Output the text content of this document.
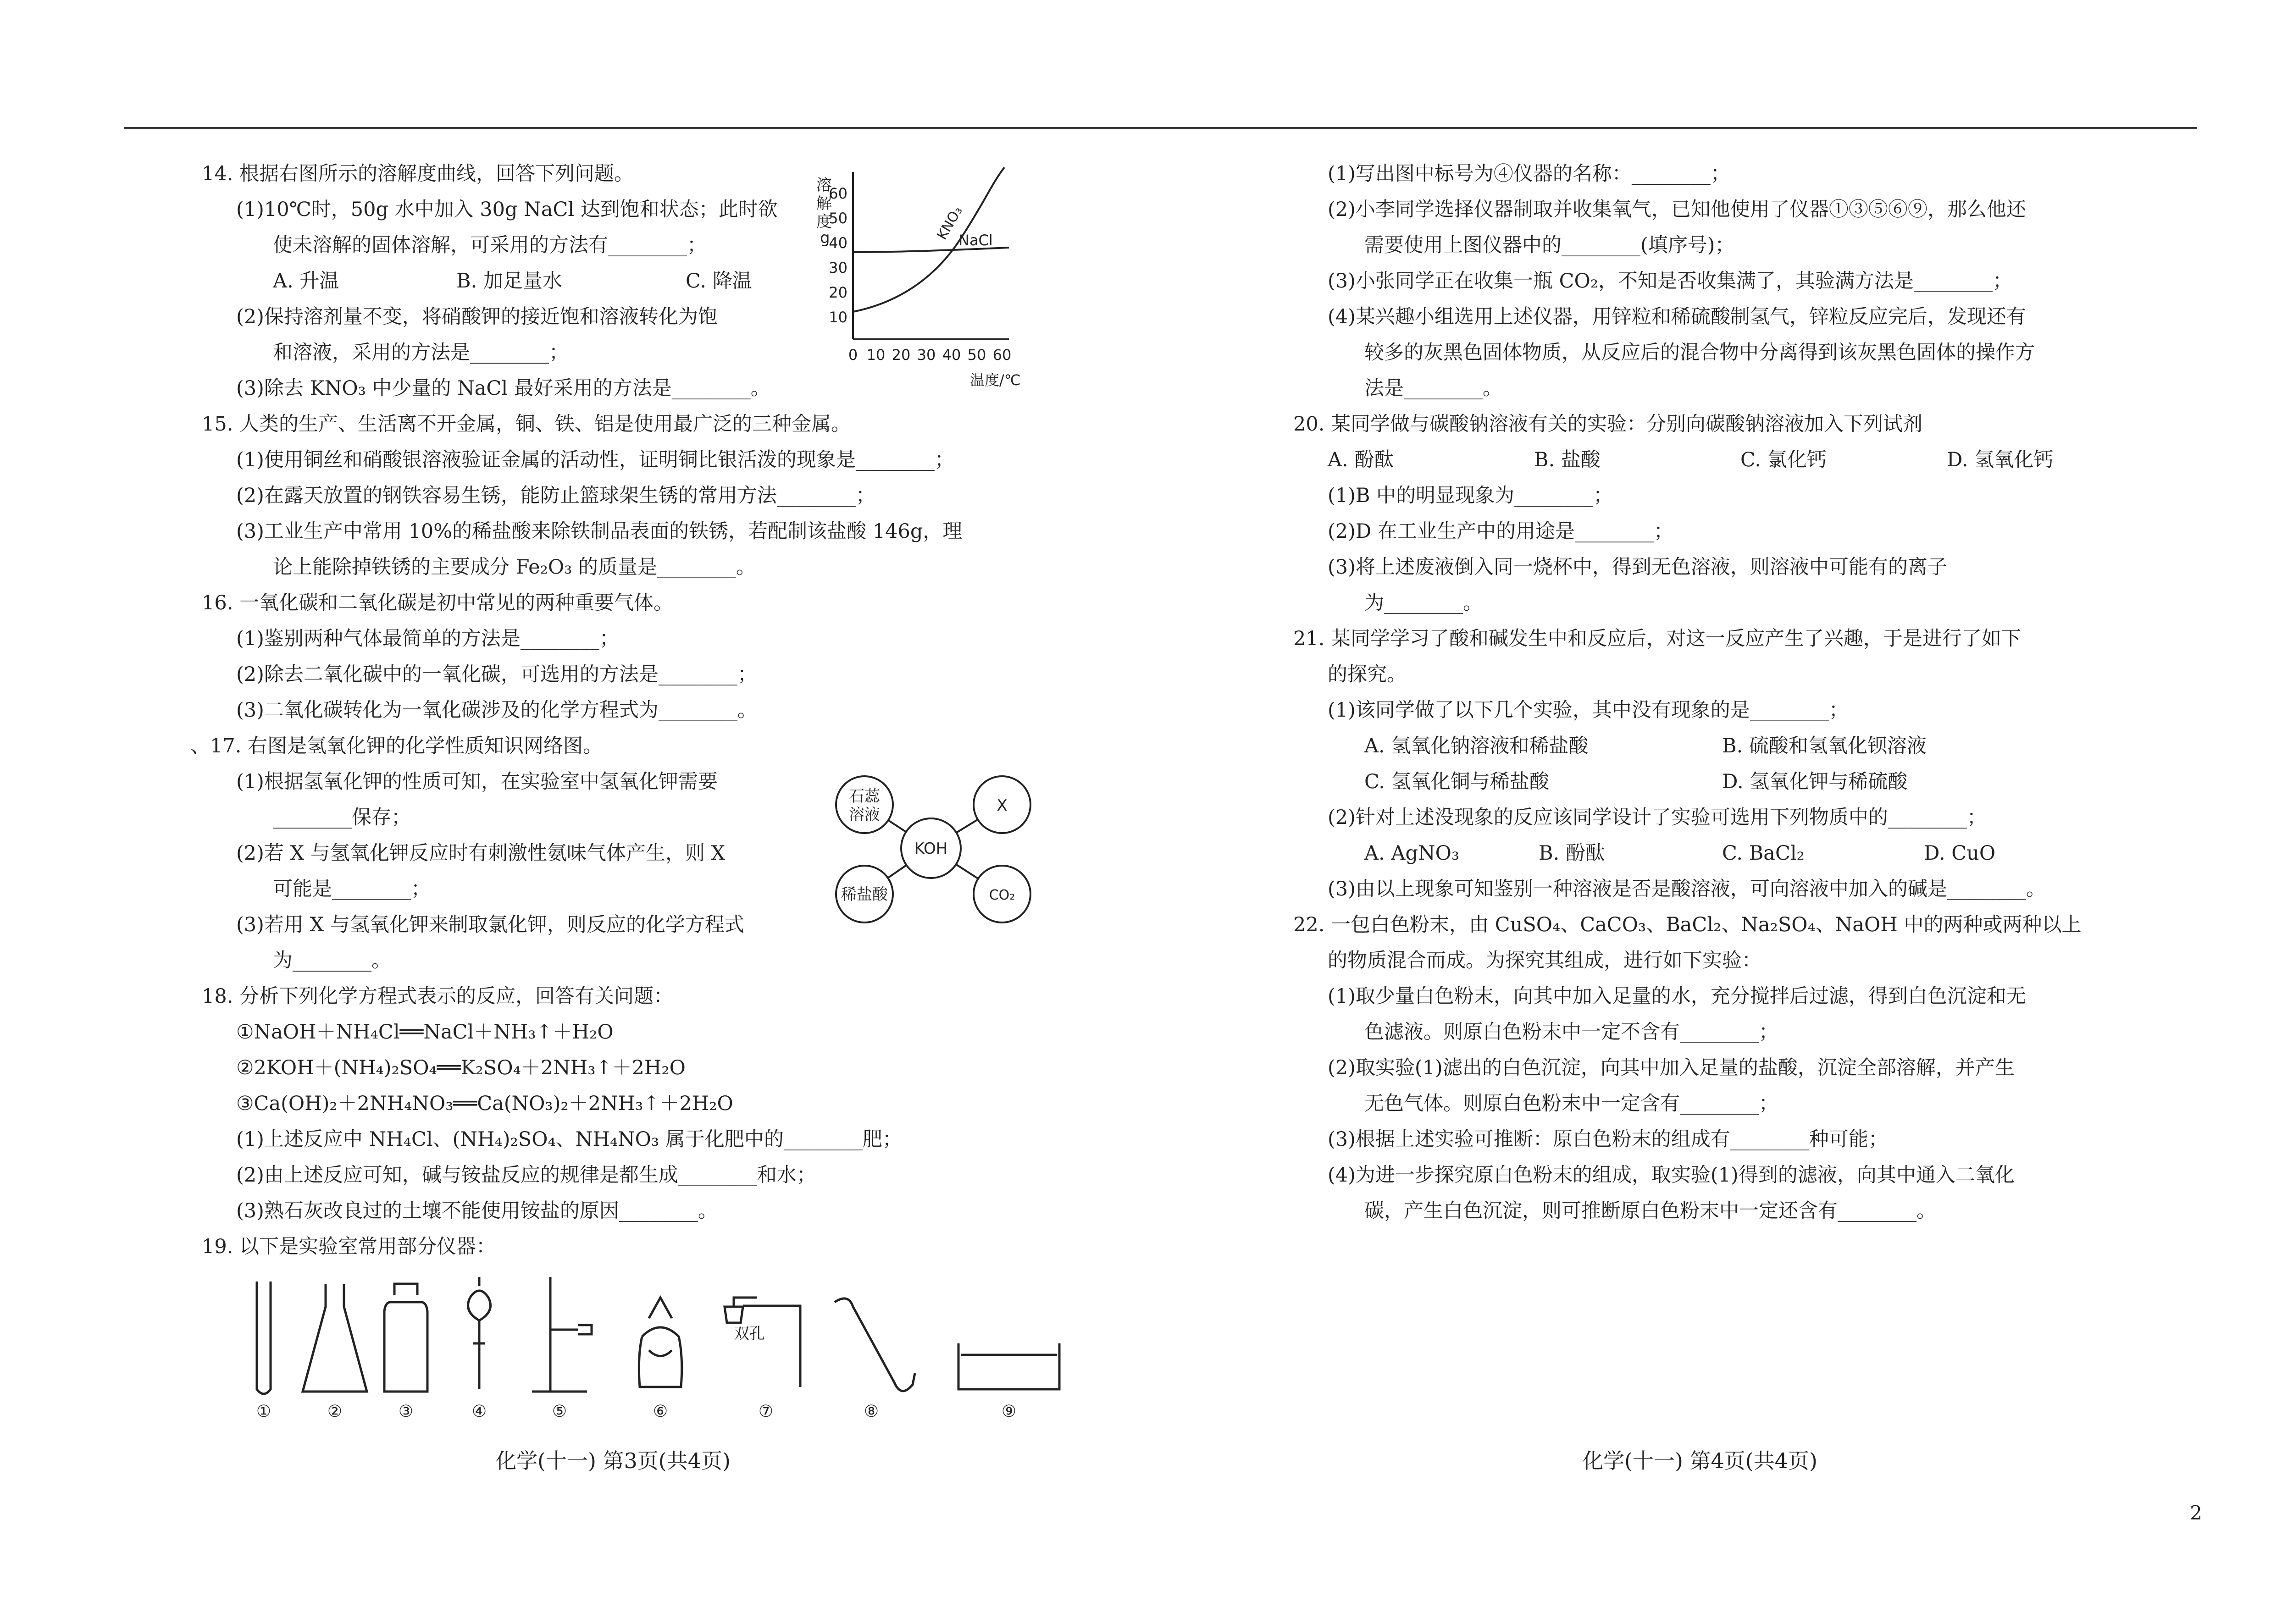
14. 根据右图所示的溶解度曲线，回答下列问题。
(1)10℃时，50g 水中加入 30g NaCl 达到饱和状态；此时欲
使未溶解的固体溶解，可采用的方法有________；
A. 升温	B. 加足量水	C. 降温
(2)保持溶剂量不变，将硝酸钾的接近饱和溶液转化为饱
和溶液，采用的方法是________；
(3)除去 KNO₃ 中少量的 NaCl 最好采用的方法是________。
15. 人类的生产、生活离不开金属，铜、铁、铝是使用最广泛的三种金属。
(1)使用铜丝和硝酸银溶液验证金属的活动性，证明铜比银活泼的现象是________；
(2)在露天放置的钢铁容易生锈，能防止篮球架生锈的常用方法________；
(3)工业生产中常用 10%的稀盐酸来除铁制品表面的铁锈，若配制该盐酸 146g，理
论上能除掉铁锈的主要成分 Fe₂O₃ 的质量是________。
16. 一氧化碳和二氧化碳是初中常见的两种重要气体。
(1)鉴别两种气体最简单的方法是________；
(2)除去二氧化碳中的一氧化碳，可选用的方法是________；
(3)二氧化碳转化为一氧化碳涉及的化学方程式为________。
、17. 右图是氢氧化钾的化学性质知识网络图。
(1)根据氢氧化钾的性质可知，在实验室中氢氧化钾需要
________保存；
(2)若 X 与氢氧化钾反应时有刺激性氨味气体产生，则 X
可能是________；
(3)若用 X 与氢氧化钾来制取氯化钾，则反应的化学方程式
为________。
18. 分析下列化学方程式表示的反应，回答有关问题：
①NaOH＋NH₄Cl══NaCl＋NH₃↑＋H₂O
②2KOH＋(NH₄)₂SO₄══K₂SO₄＋2NH₃↑＋2H₂O
③Ca(OH)₂＋2NH₄NO₃══Ca(NO₃)₂＋2NH₃↑＋2H₂O
(1)上述反应中 NH₄Cl、(NH₄)₂SO₄、NH₄NO₃ 属于化肥中的________肥；
(2)由上述反应可知，碱与铵盐反应的规律是都生成________和水；
(3)熟石灰改良过的土壤不能使用铵盐的原因________。
19. 以下是实验室常用部分仪器：
溶
解
度
g
溶解度/g
60
50
40
30
20
10
0 10 20 30 40 50 60
温度/℃
KNO₃
NaCl
石蕊
溶液	X
稀盐酸	CO₂
KOH
双孔
①	②	③	④	⑤	⑥	⑦	⑧	⑨
(1)写出图中标号为④仪器的名称：________；
(2)小李同学选择仪器制取并收集氧气，已知他使用了仪器①③⑤⑥⑨，那么他还
需要使用上图仪器中的________(填序号)；
(3)小张同学正在收集一瓶 CO₂，不知是否收集满了，其验满方法是________；
(4)某兴趣小组选用上述仪器，用锌粒和稀硫酸制氢气，锌粒反应完后，发现还有
较多的灰黑色固体物质，从反应后的混合物中分离得到该灰黑色固体的操作方
法是________。
20. 某同学做与碳酸钠溶液有关的实验：分别向碳酸钠溶液加入下列试剂
A. 酚酞	B. 盐酸	C. 氯化钙	D. 氢氧化钙
(1)B 中的明显现象为________；
(2)D 在工业生产中的用途是________；
(3)将上述废液倒入同一烧杯中，得到无色溶液，则溶液中可能有的离子
为________。
21. 某同学学习了酸和碱发生中和反应后，对这一反应产生了兴趣，于是进行了如下
的探究。
(1)该同学做了以下几个实验，其中没有现象的是________；
A. 氢氧化钠溶液和稀盐酸	B. 硫酸和氢氧化钡溶液
C. 氢氧化铜与稀盐酸	D. 氢氧化钾与稀硫酸
(2)针对上述没现象的反应该同学设计了实验可选用下列物质中的________；
A. AgNO₃	B. 酚酞	C. BaCl₂	D. CuO
(3)由以上现象可知鉴别一种溶液是否是酸溶液，可向溶液中加入的碱是________。
22. 一包白色粉末，由 CuSO₄、CaCO₃、BaCl₂、Na₂SO₄、NaOH 中的两种或两种以上
的物质混合而成。为探究其组成，进行如下实验：
(1)取少量白色粉末，向其中加入足量的水，充分搅拌后过滤，得到白色沉淀和无
色滤液。则原白色粉末中一定不含有________；
(2)取实验(1)滤出的白色沉淀，向其中加入足量的盐酸，沉淀全部溶解，并产生
无色气体。则原白色粉末中一定含有________；
(3)根据上述实验可推断：原白色粉末的组成有________种可能；
(4)为进一步探究原白色粉末的组成，取实验(1)得到的滤液，向其中通入二氧化
碳，产生白色沉淀，则可推断原白色粉末中一定还含有________。
化学(十一) 第3页(共4页)	化学(十一) 第4页(共4页)
2
